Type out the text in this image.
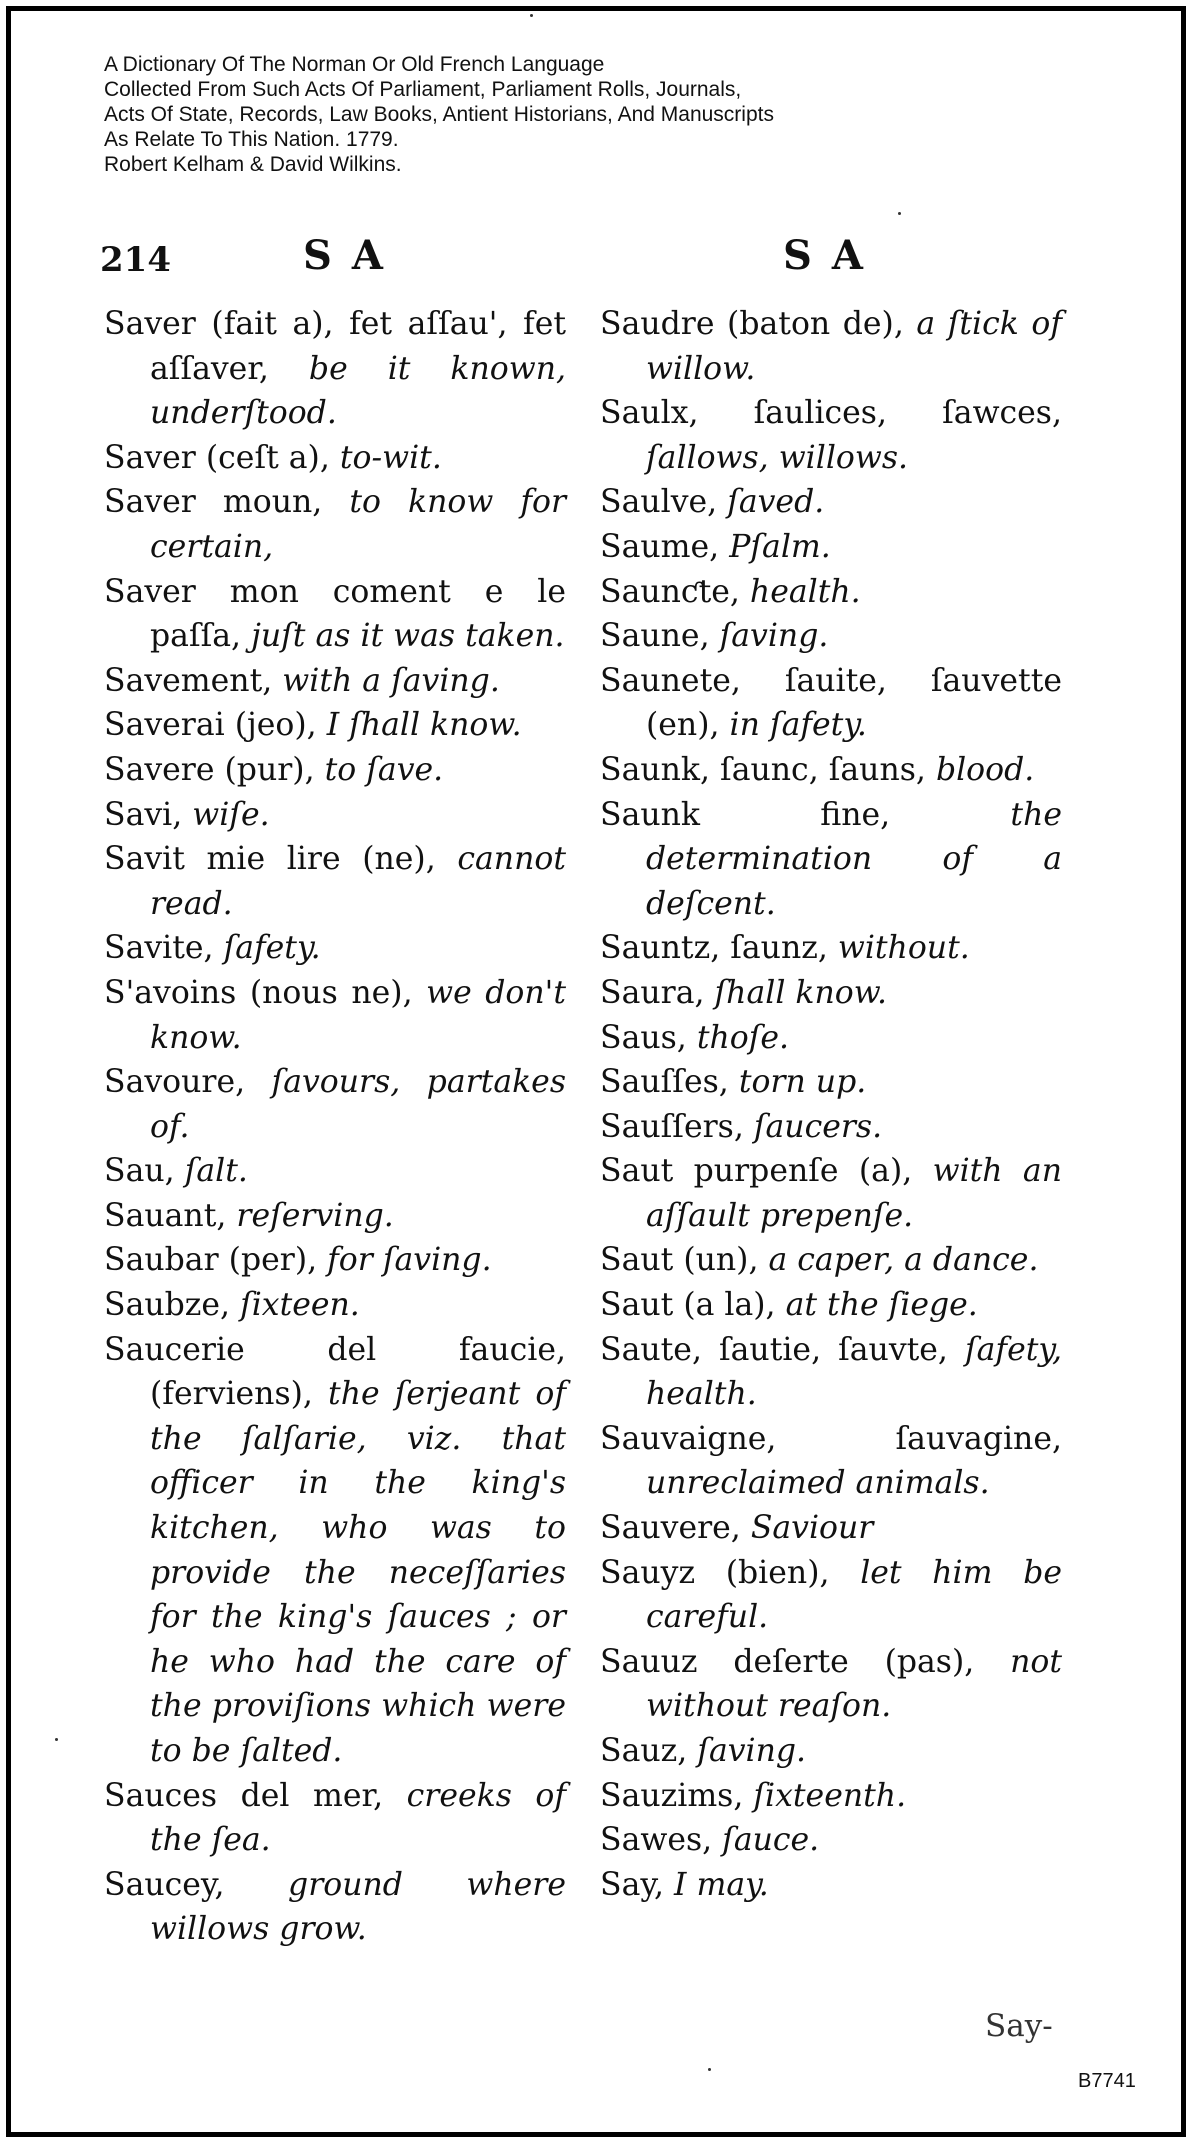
A Dictionary Of The Norman Or Old French Language
Collected From Such Acts Of Parliament, Parliament Rolls, Journals,
Acts Of State, Records, Law Books, Antient Historians, And Manuscripts
As Relate To This Nation. 1779.
Robert Kelham & David Wilkins.
214	S A	S A
Saver (fait a), fet aſſau', fet aſſaver, be it known, underſtood.
Saver (ceſt a), to-wit.
Saver moun, to know for certain,
Saver mon coment e le paſſa, juſt as it was taken.
Savement, with a ſaving.
Saverai (jeo), I ſhall know.
Savere (pur), to ſave.
Savi, wiſe.
Savit mie lire (ne), cannot read.
Savite, ſafety.
S'avoins (nous ne), we don't know.
Savoure, ſavours, partakes of.
Sau, ſalt.
Sauant, reſerving.
Saubar (per), for ſaving.
Saubze, ſixteen.
Saucerie del faucie, (ferviens), the ſerjeant of the ſalſarie, viz. that officer in the king's kitchen, who was to provide the neceſſaries for the king's ſauces ; or he who had the care of the proviſions which were to be ſalted.
Sauces del mer, creeks of the ſea.
Saucey, ground where willows grow.
Saudre (baton de), a ſtick of willow.
Saulx, ſaulices, ſawces, ſallows, willows.
Saulve, ſaved.
Saume, Pſalm.
Saunƈte, health.
Saune, ſaving.
Saunete, ſauite, ſauvette (en), in ſafety.
Saunk, ſaunc, ſauns, blood.
Saunk fine,	the determination of a deſcent.
Sauntz, ſaunz, without.
Saura, ſhall know.
Saus, thoſe.
Sauſſes, torn up.
Sauſſers, ſaucers.
Saut purpenſe (a), with an aſſault prepenſe.
Saut (un), a caper, a dance.
Saut (a la), at the ſiege.
Saute, ſautie, ſauvte, ſafety, health.
Sauvaigne, ſauvagine, unreclaimed animals.
Sauvere, Saviour
Sauyz (bien), let him be careful.
Sauuz deſerte (pas), not without reaſon.
Sauz, ſaving.
Sauzims, ſixteenth.
Sawes, ſauce.
Say, I may.
Say-
B7741
